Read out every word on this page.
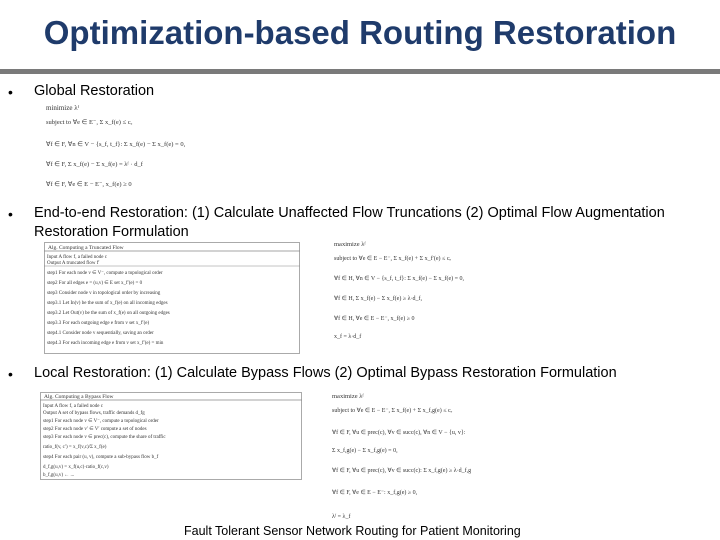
Optimization-based Routing Restoration
• Global Restoration
minimize λᶠ
subject to ∀e ∈ E⁻, Σ x_f(e) ≤ cₑ
∀f ∈ F, ∀n ∈ V − {s_f, t_f}: Σ x_f(e) − Σ x_f(e) = 0,
∀f ∈ F, Σ x_f(e) − Σ x_f(e) = λᶠ · d_f
∀f ∈ F, ∀e ∈ E − E⁻, x_f(e) ≥ 0
• End-to-end Restoration: (1) Calculate Unaffected Flow Truncations (2) Optimal Flow Augmentation Restoration Formulation
Alg. Computing a Truncated Flow
Input A flow f, a failed node c
Output A truncated flow f′
step1 For each node v ∈ V⁻, compute a topological order
step2 For all edges e = (u,v) ∈ E set x_f′(e) = 0
step3 Consider node v in topological order by increasing
step3.1 Let In(v) be the sum of x_f(e) on all incoming edges
step3.2 Let Out(v) be the sum of x_f(e) on all outgoing edges
step3.3 For each outgoing edge e from v set x_f′(e)
step4.1 Consider node v sequentially, saving an order
step4.3 For each incoming edge e from v set x_f′(e) = min
maximize λᶠ
subject to ∀e ∈ E − E⁻, Σ x_f(e) + Σ x_f′(e) ≤ cₑ
∀f ∈ H, ∀n ∈ V − {s_f, t_f}: Σ x_f(e) − Σ x_f(e) = 0,
∀f ∈ H, Σ x_f(e) − Σ x_f(e) ≥ λ·d_f,
∀f ∈ H, ∀e ∈ E − E⁻, x_f(e) ≥ 0
x_f = λ·d_f
• Local Restoration: (1) Calculate Bypass Flows (2) Optimal Bypass Restoration Formulation
Alg. Computing a Bypass Flow
Input A flow f, a failed node c
Output A set of bypass flows, traffic demands d_fg
step1 For each node v ∈ V⁻, compute a topological order
step2 For each node v′ ∈ V′ compute a set of nodes
step3 For each node v ∈ prec(c), compute the share of traffic
ratio_f(v, c′) = x_f(v,c)/Σ x_f(e)
step4 For each pair (u, v), compute a sub-bypass flow b_f
d_f,g(u,v) = x_f(u,c)·ratio_f(c,v)
b_f,g(u,v) ← ...
maximize λᶠ
subject to ∀e ∈ E − E⁻, Σ x_f(e) + Σ x_f,g(e) ≤ cₑ
∀f ∈ F, ∀u ∈ prec(c), ∀v ∈ succ(c), ∀n ∈ V − {u, v}:
Σ x_f,g(e) − Σ x_f,g(e) = 0,
∀f ∈ F, ∀u ∈ prec(c), ∀v ∈ succ(c): Σ x_f,g(e) ≥ λ·d_f,g
∀f ∈ F, ∀e ∈ E − E⁻: x_f,g(e) ≥ 0,
λᶠ = λ_f
Fault Tolerant Sensor Network Routing for Patient Monitoring
